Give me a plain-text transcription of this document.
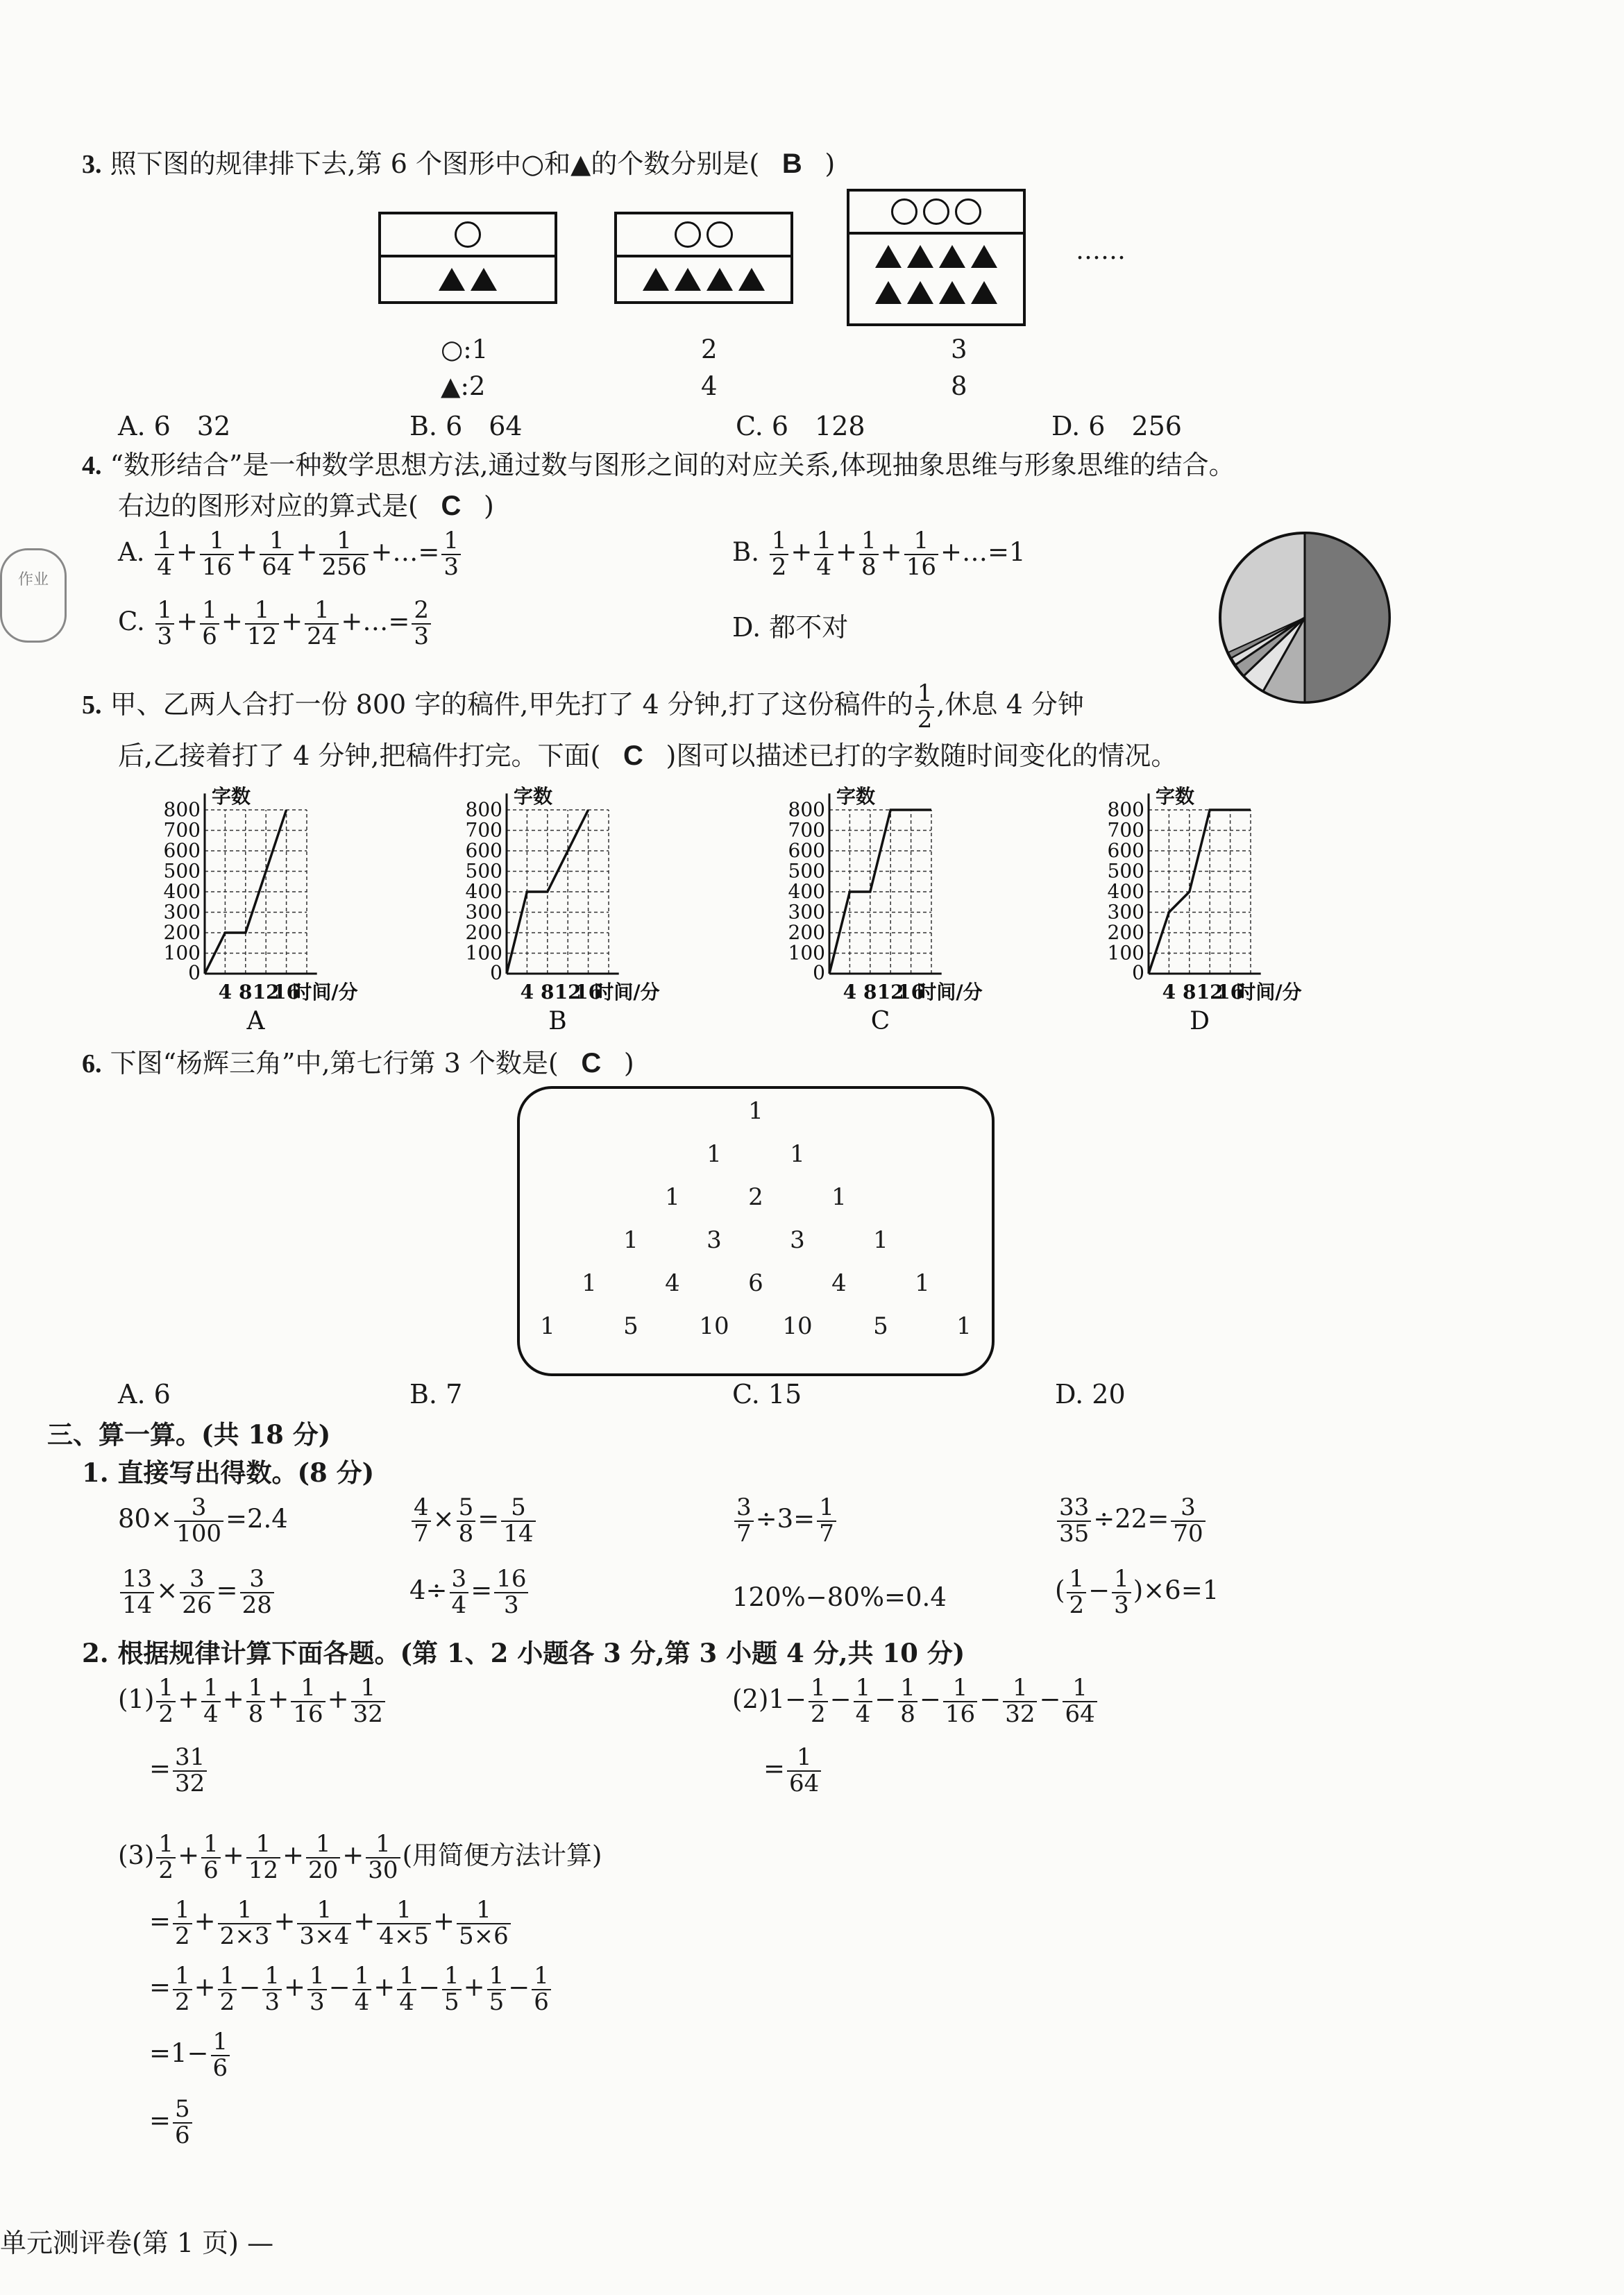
3. 照下图的规律排下去,第 6 个图形中○和▲的个数分别是( B )
……
○:1
▲:2
2	3
4	8
A. 6　32	B. 6　64	C. 6　128	D. 6　256
4. “数形结合”是一种数学思想方法,通过数与图形之间的对应关系,体现抽象思维与形象思维的结合。
右边的图形对应的算式是( C )
作业
A. $\frac{1}{4} + \frac{1}{16} + \frac{1}{64} + \frac{1}{256}$ +…= $\frac{1}{3}$	B. $\frac{1}{2} + \frac{1}{4} + \frac{1}{8} + \frac{1}{16}$ +…=1
C. $\frac{1}{3} + \frac{1}{6} + \frac{1}{12} + \frac{1}{24}$ +…= $\frac{2}{3}$	D. 都不对
5. 甲、乙两人合打一份 800 字的稿件,甲先打了 4 分钟,打了这份稿件的 $\frac{1}{2}$ ,休息 4 分钟
后,乙接着打了 4 分钟,把稿件打完。下面( C )图可以描述已打的字数随时间变化的情况。
800
700
600
500
400
300
200
100
0
4 8 12
16
时间/分
字数
A
800
700
600
500
400
300
200
100
0
4 8 12
16
时间/分
字数
B
800
700
600
500
400
300
200
100
0
4 8 12
16
时间/分
字数
C
800
700
600
500
400
300
200
100
0
4 8 12
16
时间/分
字数
D
6. 下图“杨辉三角”中,第七行第 3 个数是( C )
1
1	1
1	2	1
1	3	3	1
1	4	6	4	1
1	5	10 10	5	1
A. 6	B. 7	C. 15	D. 20
三、算一算。(共 18 分)
1. 直接写出得数。(8 分)
$80\times \frac{3}{100} =2.4$	$\frac{4}{7} \times \frac{5}{8} = \frac{5}{14}$	$\frac{3}{7} \div 3= \frac{1}{7}$	$\frac{33}{35} \div 22= \frac{3}{70}$
$\frac{13}{14} \times \frac{3}{26} = \frac{3}{28}$	$4\div \frac{3}{4} = \frac{16}{3}$	120%−80%=0.4	( $\frac{1}{2} - \frac{1}{3} )\times 6=1$
2. 根据规律计算下面各题。(第 1、2 小题各 3 分,第 3 小题 4 分,共 10 分)
$(1) \frac{1}{2} + \frac{1}{4} + \frac{1}{8} + \frac{1}{16} + \frac{1}{32}$
= $\frac{31}{32}$
$(2)1- \frac{1}{2} - \frac{1}{4} - \frac{1}{8} - \frac{1}{16} - \frac{1}{32} - \frac{1}{64}$
= $\frac{1}{64}$
$(3) \frac{1}{2} + \frac{1}{6} + \frac{1}{12} + \frac{1}{20} + \frac{1}{30}$ (用简便方法计算)
= $\frac{1}{2} + \frac{1}{2\times 3} + \frac{1}{3\times 4} + \frac{1}{4\times 5} + \frac{1}{5\times 6}$
= $\frac{1}{2} + \frac{1}{2} - \frac{1}{3} + \frac{1}{3} - \frac{1}{4} + \frac{1}{4} - \frac{1}{5} + \frac{1}{5} - \frac{1}{6}$
$=1- \frac{1}{6}$
= $\frac{5}{6}$
单元测评卷(第 1 页) —
